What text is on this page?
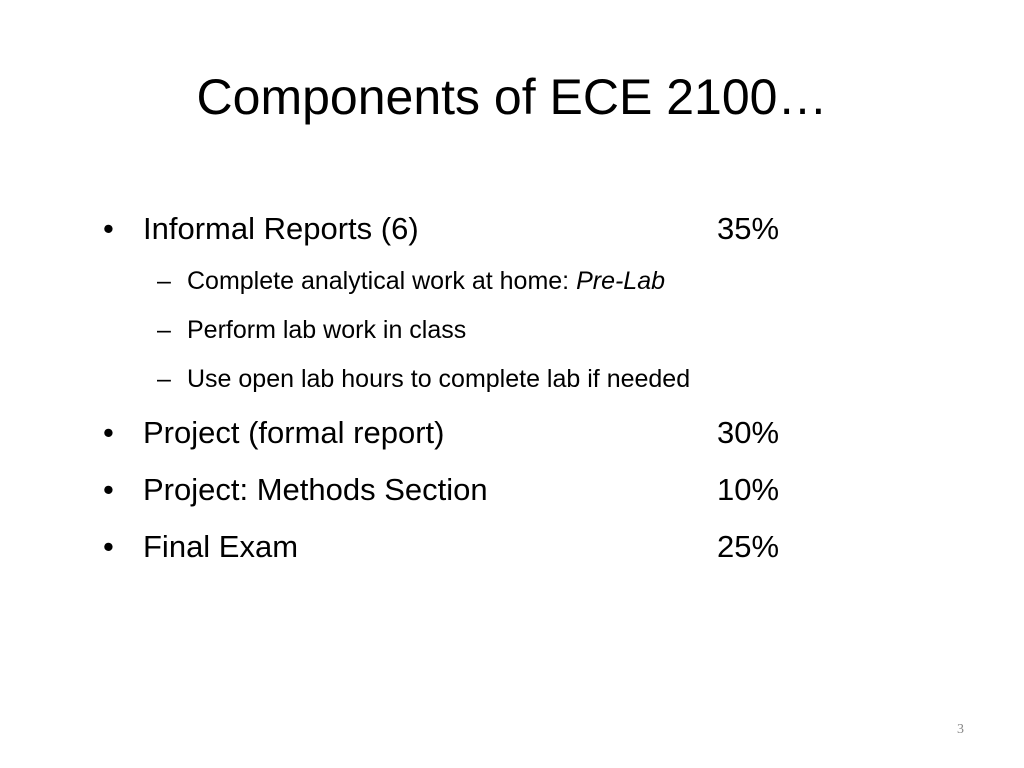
Components of ECE 2100…
• Informal Reports (6)	35%
– Complete analytical work at home: Pre-Lab
– Perform lab work in class
– Use open lab hours to complete lab if needed
• Project (formal report)	30%
• Project: Methods Section	10%
• Final Exam	25%
3
